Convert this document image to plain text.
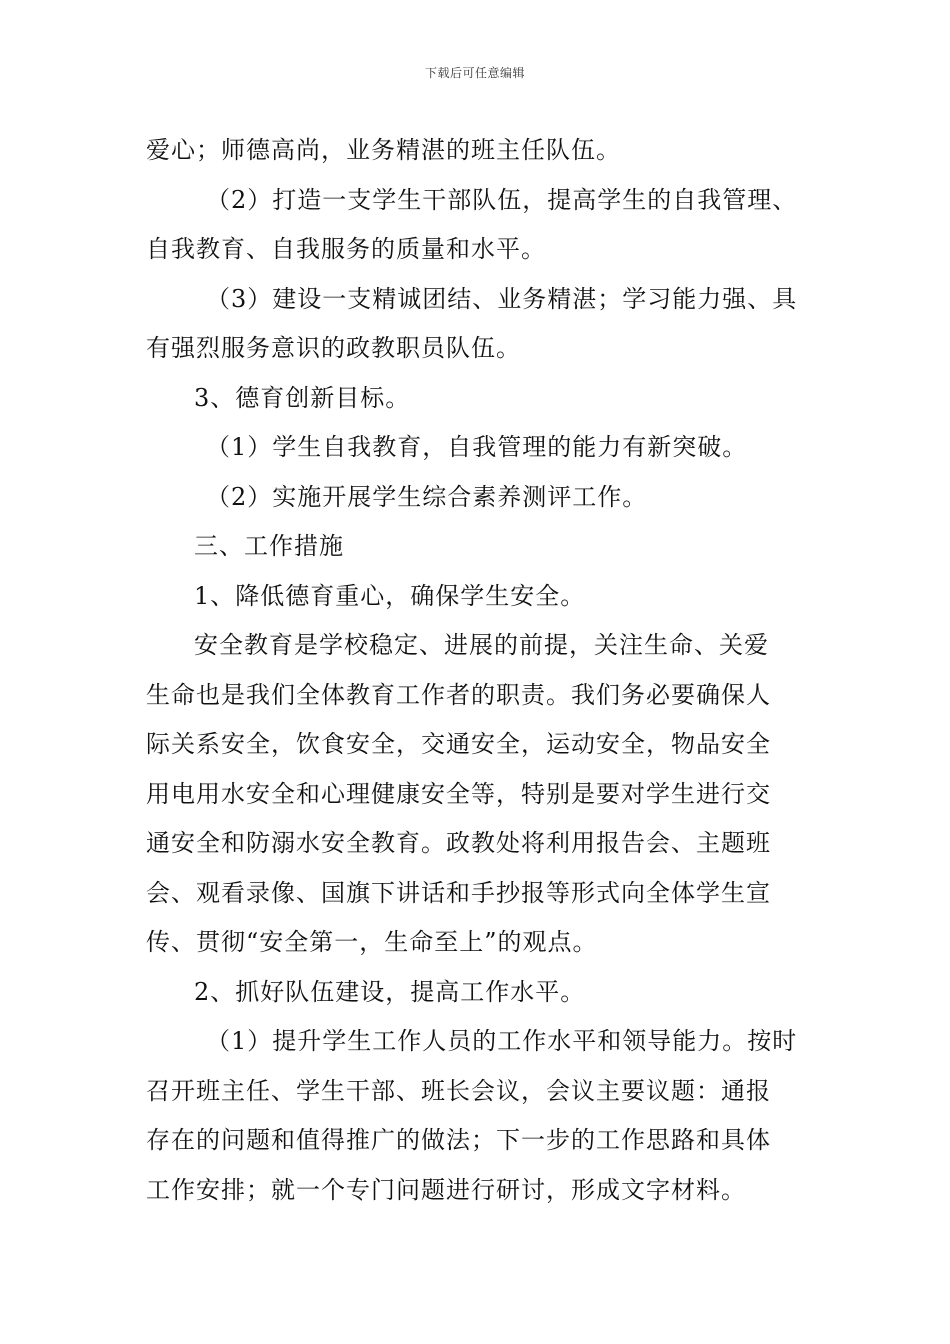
下载后可任意编辑
爱心；师德高尚，业务精湛的班主任队伍。
（2）打造一支学生干部队伍，提高学生的自我管理、
自我教育、自我服务的质量和水平。
（3）建设一支精诚团结、业务精湛；学习能力强、具
有强烈服务意识的政教职员队伍。
3、德育创新目标。
（1）学生自我教育，自我管理的能力有新突破。
（2）实施开展学生综合素养测评工作。
三、工作措施
1、降低德育重心，确保学生安全。
安全教育是学校稳定、进展的前提，关注生命、关爱
生命也是我们全体教育工作者的职责。我们务必要确保人
际关系安全，饮食安全，交通安全，运动安全，物品安全
用电用水安全和心理健康安全等，特别是要对学生进行交
通安全和防溺水安全教育。政教处将利用报告会、主题班
会、观看录像、国旗下讲话和手抄报等形式向全体学生宣
传、贯彻“安全第一，生命至上”的观点。
2、抓好队伍建设，提高工作水平。
（1）提升学生工作人员的工作水平和领导能力。按时
召开班主任、学生干部、班长会议，会议主要议题：通报
存在的问题和值得推广的做法；下一步的工作思路和具体
工作安排；就一个专门问题进行研讨，形成文字材料。
